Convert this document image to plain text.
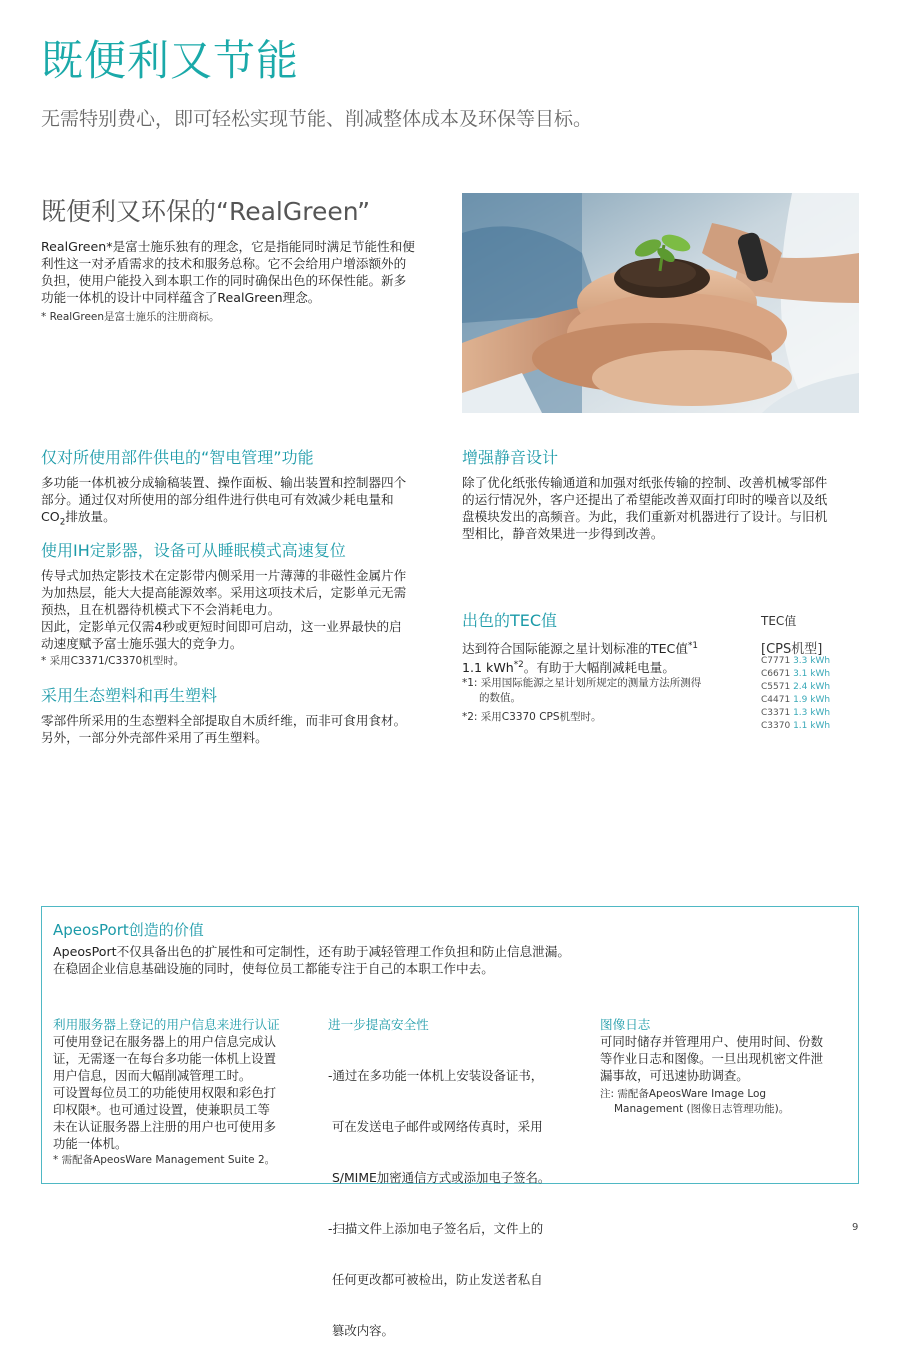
既便利又节能
无需特别费心，即可轻松实现节能、削减整体成本及环保等目标。
既便利又环保的“RealGreen”
RealGreen*是富士施乐独有的理念，它是指能同时满足节能性和便
利性这一对矛盾需求的技术和服务总称。它不会给用户增添额外的
负担，使用户能投入到本职工作的同时确保出色的环保性能。新多
功能一体机的设计中同样蕴含了RealGreen理念。
* RealGreen是富士施乐的注册商标。
仅对所使用部件供电的“智电管理”功能
多功能一体机被分成输稿装置、操作面板、输出装置和控制器四个
部分。通过仅对所使用的部分组件进行供电可有效减少耗电量和
$CO_2$排放量。
使用IH定影器，设备可从睡眠模式高速复位
传导式加热定影技术在定影带内侧采用一片薄薄的非磁性金属片作
为加热层，能大大提高能源效率。采用这项技术后，定影单元无需
预热，且在机器待机模式下不会消耗电力。
因此，定影单元仅需4秒或更短时间即可启动，这一业界最快的启
动速度赋予富士施乐强大的竞争力。
* 采用C3371/C3370机型时。
采用生态塑料和再生塑料
零部件所采用的生态塑料全部提取自木质纤维，而非可食用食材。
另外，一部分外壳部件采用了再生塑料。
增强静音设计
除了优化纸张传输通道和加强对纸张传输的控制、改善机械零部件
的运行情况外，客户还提出了希望能改善双面打印时的噪音以及纸
盘模块发出的高频音。为此，我们重新对机器进行了设计。与旧机
型相比，静音效果进一步得到改善。
出色的TEC值
达到符合国际能源之星计划标准的TEC值$^{*1}$
1.1 kWh$^{*2}$。有助于大幅削减耗电量。
*1: 采用国际能源之星计划所规定的测量方法所测得
的数值。
*2: 采用C3370 CPS机型时。
TEC值
[CPS机型]
C7771 3.3 kWh
C6671 3.1 kWh
C5571 2.4 kWh
C4471 1.9 kWh
C3371 1.3 kWh
C3370 1.1 kWh
ApeosPort创造的价值
ApeosPort不仅具备出色的扩展性和可定制性，还有助于减轻管理工作负担和防止信息泄漏。
在稳固企业信息基础设施的同时，使每位员工都能专注于自己的本职工作中去。
利用服务器上登记的用户信息来进行认证
可使用登记在服务器上的用户信息完成认
证，无需逐一在每台多功能一体机上设置
用户信息，因而大幅削减管理工时。
可设置每位员工的功能使用权限和彩色打
印权限*。也可通过设置，使兼职员工等
未在认证服务器上注册的用户也可使用多
功能一体机。
* 需配备ApeosWare Management Suite 2。
进一步提高安全性

-通过在多功能一体机上安装设备证书，

可在发送电子邮件或网络传真时，采用

S/MIME加密通信方式或添加电子签名。

-扫描文件上添加电子签名后，文件上的

任何更改都可被检出，防止发送者私自

篡改内容。

图像日志
可同时储存并管理用户、使用时间、份数
等作业日志和图像。一旦出现机密文件泄
漏事故，可迅速协助调查。
注: 需配备ApeosWare Image Log
Management (图像日志管理功能)。
9
